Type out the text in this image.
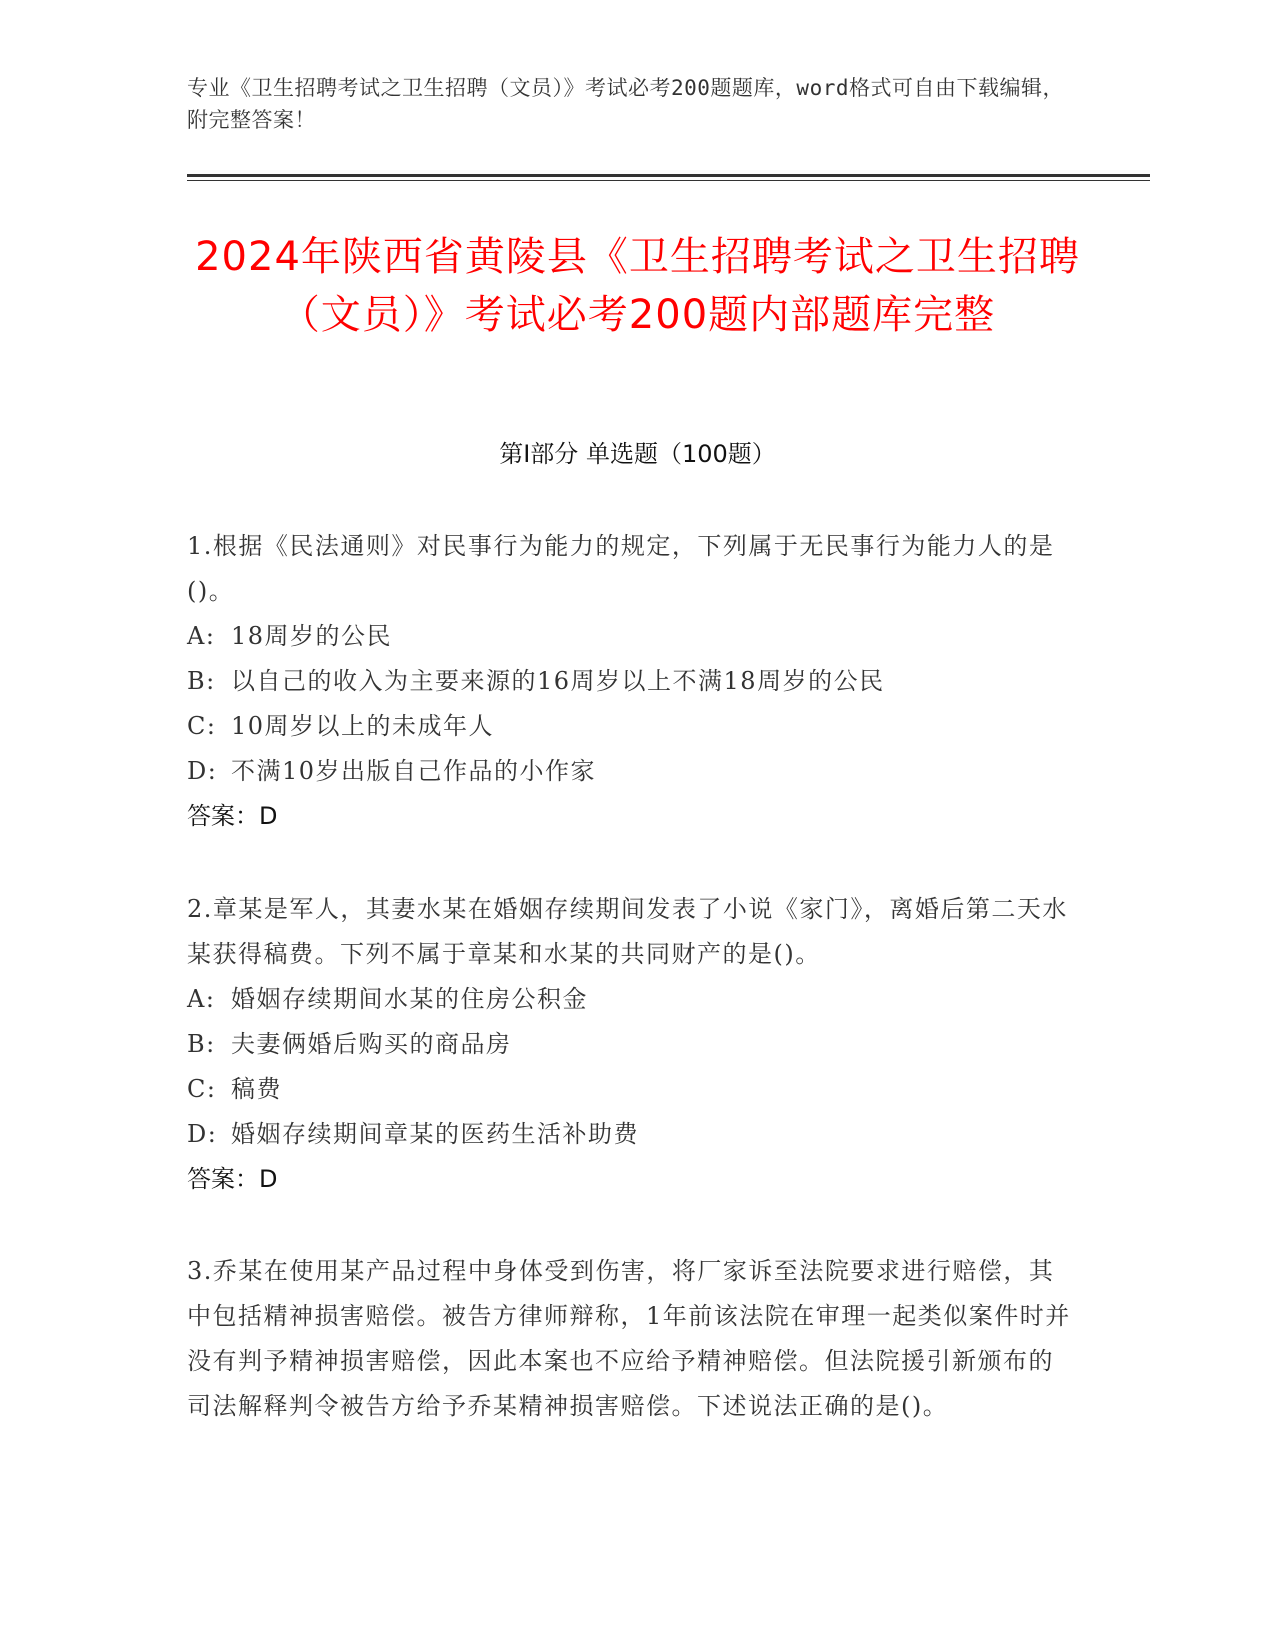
专业《卫生招聘考试之卫生招聘（文员）》考试必考200题题库，word格式可自由下载编辑，附完整答案！
2024年陕西省黄陵县《卫生招聘考试之卫生招聘（文员）》考试必考200题内部题库完整
第I部分 单选题（100题）
1.根据《民法通则》对民事行为能力的规定，下列属于无民事行为能力人的是()。
A: 18周岁的公民
B: 以自己的收入为主要来源的16周岁以上不满18周岁的公民
C: 10周岁以上的未成年人
D: 不满10岁出版自己作品的小作家
答案：D
2.章某是军人，其妻水某在婚姻存续期间发表了小说《家门》，离婚后第二天水某获得稿费。下列不属于章某和水某的共同财产的是()。
A: 婚姻存续期间水某的住房公积金
B: 夫妻俩婚后购买的商品房
C: 稿费
D: 婚姻存续期间章某的医药生活补助费
答案：D
3.乔某在使用某产品过程中身体受到伤害，将厂家诉至法院要求进行赔偿，其中包括精神损害赔偿。被告方律师辩称，1年前该法院在审理一起类似案件时并没有判予精神损害赔偿，因此本案也不应给予精神赔偿。但法院援引新颁布的司法解释判令被告方给予乔某精神损害赔偿。下述说法正确的是()。
